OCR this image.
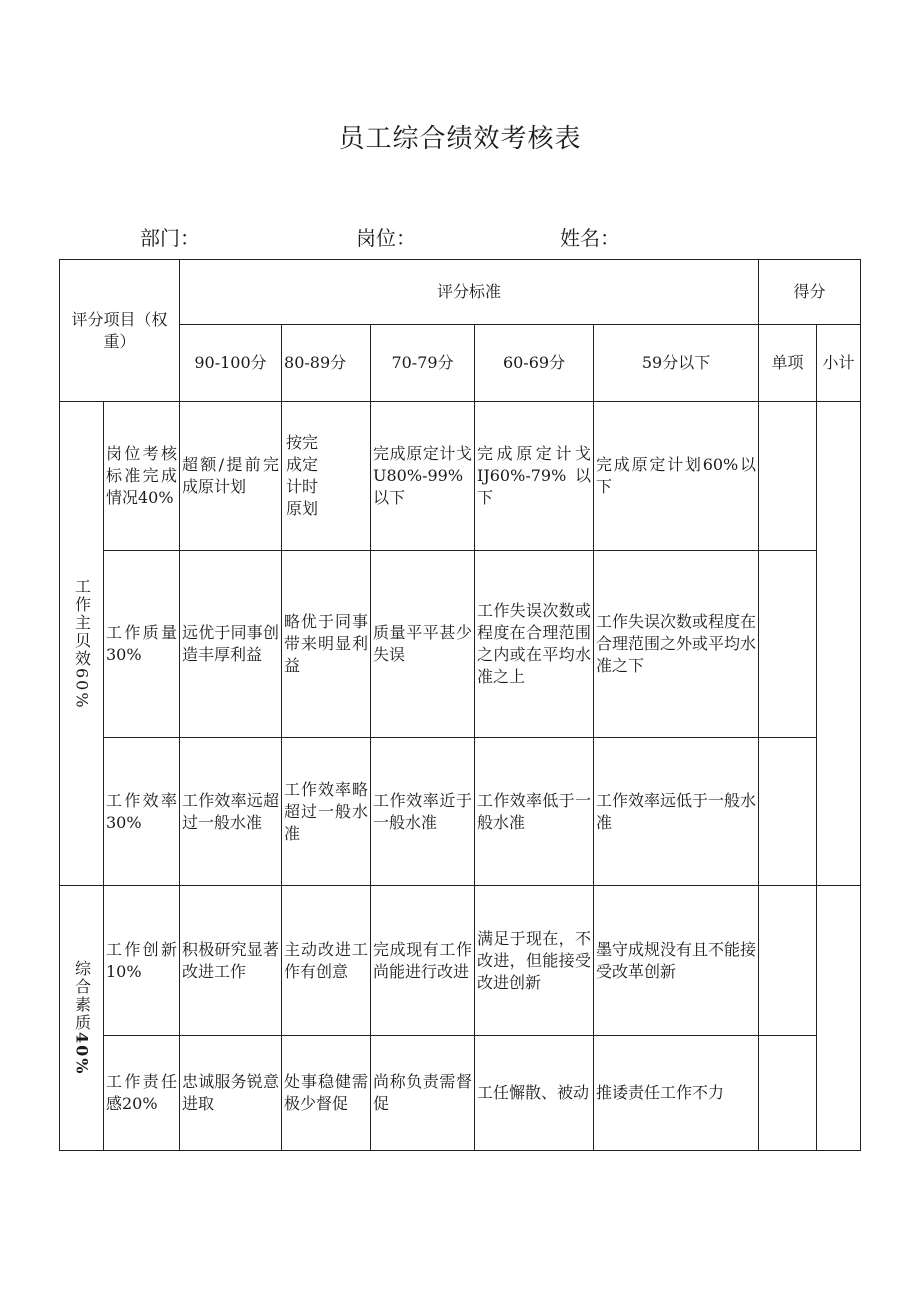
员工综合绩效考核表
部门：	岗位：	姓名：
评分项目（权重）		评分标准					得分	
		90-100分	80-89分	70-79分	60-69分	59分以下	单项	小计

工作主贝效60%	岗位考核标准完成情况40%	超额/提前完成原计划	按完成定计时原划	完成原定计戈 U80%-99%以下	完成原定计戈IJ60%-79%以下	完成原定计划60%以下		
	工作质量30%	远优于同事创造丰厚利益	略优于同事带来明显利益	质量平平甚少失误	工作失误次数或程度在合理范围之内或在平均水准之上	工作失误次数或程度在合理范围之外或平均水准之下		
	工作效率30%	工作效率远超过一般水准	工作效率略超过一般水准	工作效率近于一般水准	工作效率低于一般水准	工作效率远低于一般水准		

综合素质40%	工作创新10%	积极研究显著改进工作	主动改进工作有创意	完成现有工作尚能进行改进	满足于现在，不改进，但能接受改进创新	墨守成规没有且不能接受改革创新		
	工作责任感20%	忠诚服务锐意进取	处事稳健需极少督促	尚称负责需督促	工任懈散、被动	推诿责任工作不力		
